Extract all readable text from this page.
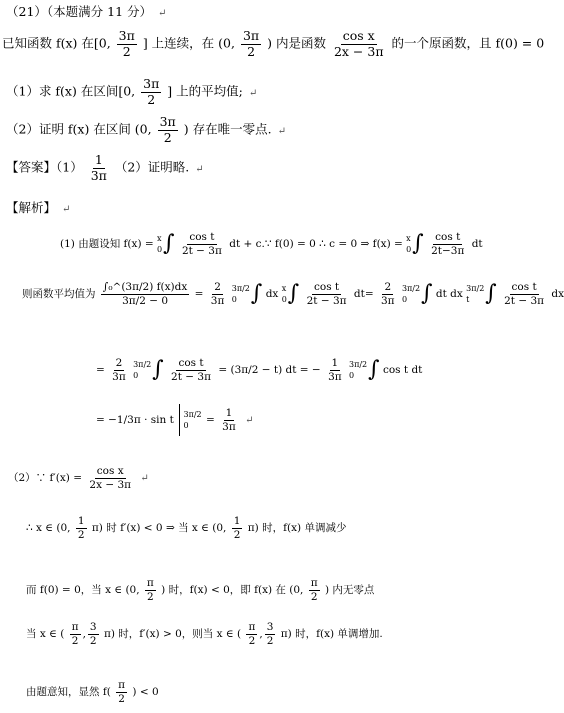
（21）（本题满分 11 分） ↵
已知函数 f(x) 在[0, $\frac{3\pi}{2}$ ] 上连续，在 (0, $\frac{3\pi}{2}$ ) 内是函数 $\frac{\text{cos x}}{2x - 3\pi}$ 的一个原函数，且 f(0) = 0
（1）求 f(x) 在区间[0, $\frac{3\pi}{2}$ ] 上的平均值; ↵
（2）证明 f(x) 在区间 (0, $\frac{3\pi}{2}$ ) 存在唯一零点. ↵
【答案】$(1) \frac{1}{3\pi} (2)$证明略. ↵
【解析】 ↵
(1) 由题设知 f(x) = x
0 ∫ $\frac{\text{cos t}}{2t - 3\pi}$ dt + c.∵ f(0) = 0 ∴ c = 0 ⇒ f(x) = x
0 ∫ $\frac{\text{cos t}}{2t-3\pi}$ dt
则函数平均值为 $\frac{\text{∫₀\textasciicircum{}(3π/2) f(x)dx}}{3\pi/2 - 0} = \frac{2}{3\pi}$
3π/2
0 ∫ dx x
0 ∫ $\frac{\text{cos t}}{2t - 3\pi} dt= \frac{2}{3\pi}$
3π/2
0 ∫ dt dx 3π/2
t ∫ $\frac{\text{cos t}}{2t - 3\pi}$ dx
= $\frac{2}{3\pi}$
3π/2
0 ∫ $\frac{\text{cos t}}{2t - 3\pi} = (3\pi/2 - t)$ dt = − $\frac{1}{3\pi}$
3π/2
0 ∫ cos t dt
= −1/3π · sin t 3π/2
0	= $\frac{1}{3\pi}$ ↵
（2）∵ $f'(x) = \frac{\text{cos x}}{2x - 3\pi}$ ↵
∴ x ∈ (0, $\frac{1}{2} \pi$) 时 f′(x) < 0 ⇒ 当 x ∈ (0, $\frac{1}{2} \pi$) 时，f(x) 单调减少
而 f(0) = 0，当 x ∈ (0, $\frac{\pi}{2}$ ) 时，f(x) < 0，即 f(x) 在 (0, $\frac{\pi}{2}$ ) 内无零点
当 x ∈ ( $\frac{\pi}{2}$ , $\frac{3}{2} \pi$) 时，f′(x) > 0，则当 x ∈ ( $\frac{\pi}{2}$ , $\frac{3}{2} \pi$) 时，f(x) 单调增加.
由题意知，显然 $f( \frac{\pi}{2}$ ) < 0
